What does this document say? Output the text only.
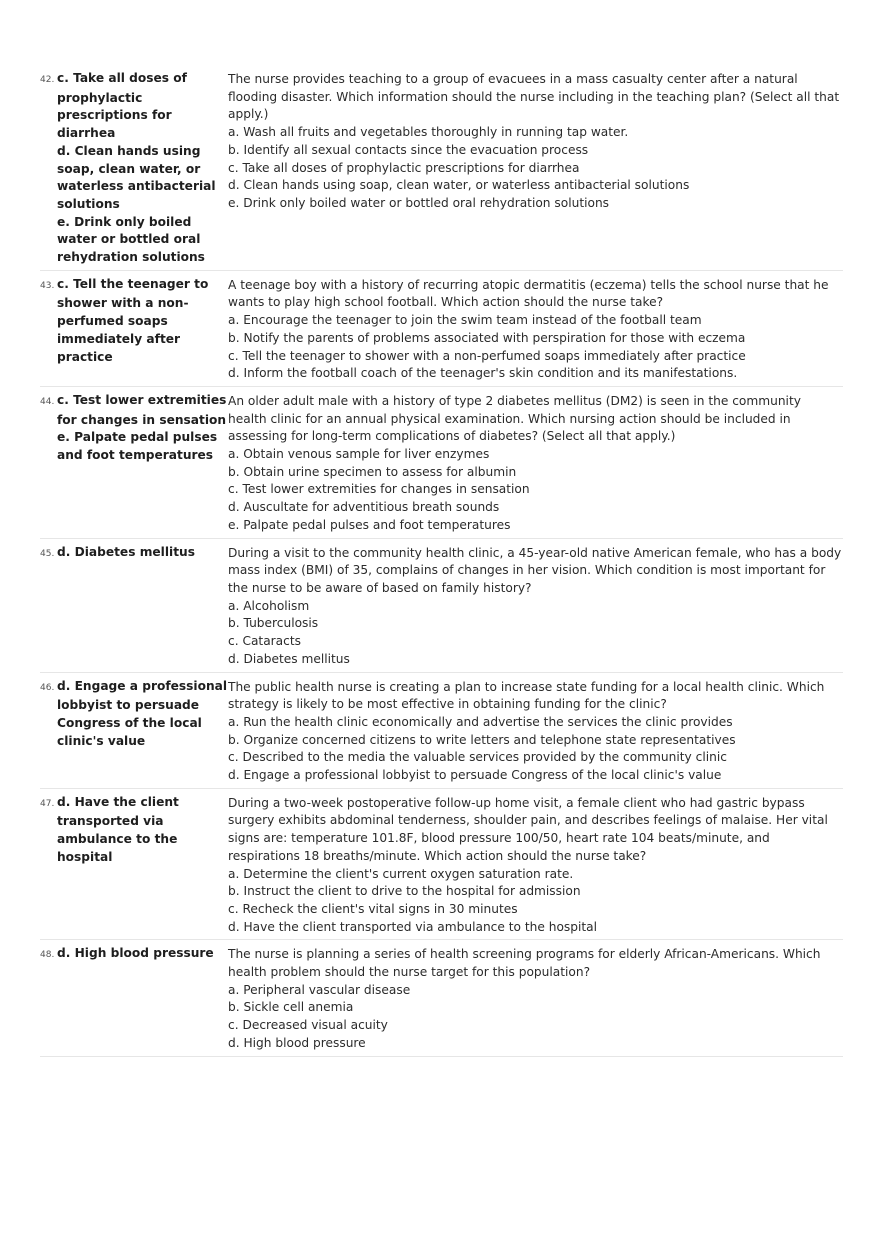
42. c. Take all doses of
prophylactic
prescriptions for diarrhea
d. Clean hands using
soap, clean water, or
waterless antibacterial
solutions
e. Drink only boiled
water or bottled oral
rehydration solutions
The nurse provides teaching to a group of evacuees in a mass casualty center after a natural flooding disaster. Which information should the nurse including in the teaching plan? (Select all that apply.)
a. Wash all fruits and vegetables thoroughly in running tap water.
b. Identify all sexual contacts since the evacuation process
c. Take all doses of prophylactic prescriptions for diarrhea
d. Clean hands using soap, clean water, or waterless antibacterial solutions
e. Drink only boiled water or bottled oral rehydration solutions
43. c. Tell the teenager to
shower with a non-
perfumed soaps
immediately after
practice
A teenage boy with a history of recurring atopic dermatitis (eczema) tells the school nurse that he wants to play high school football. Which action should the nurse take?
a. Encourage the teenager to join the swim team instead of the football team
b. Notify the parents of problems associated with perspiration for those with eczema
c. Tell the teenager to shower with a non-perfumed soaps immediately after practice
d. Inform the football coach of the teenager's skin condition and its manifestations.
44. c. Test lower extremities
for changes in sensation
e. Palpate pedal pulses
and foot temperatures
An older adult male with a history of type 2 diabetes mellitus (DM2) is seen in the community health clinic for an annual physical examination. Which nursing action should be included in assessing for long-term complications of diabetes? (Select all that apply.)
a. Obtain venous sample for liver enzymes
b. Obtain urine specimen to assess for albumin
c. Test lower extremities for changes in sensation
d. Auscultate for adventitious breath sounds
e. Palpate pedal pulses and foot temperatures
45. d. Diabetes mellitus	During a visit to the community health clinic, a 45-year-old native American female, who has a body mass index (BMI) of 35, complains of changes in her vision. Which condition is most important for the nurse to be aware of based on family history?
a. Alcoholism
b. Tuberculosis
c. Cataracts
d. Diabetes mellitus
46. d. Engage a professional
lobbyist to persuade
Congress of the local
clinic's value
The public health nurse is creating a plan to increase state funding for a local health clinic. Which strategy is likely to be most effective in obtaining funding for the clinic?
a. Run the health clinic economically and advertise the services the clinic provides
b. Organize concerned citizens to write letters and telephone state representatives
c. Described to the media the valuable services provided by the community clinic
d. Engage a professional lobbyist to persuade Congress of the local clinic's value
47. d. Have the client
transported via
ambulance to the
hospital
During a two-week postoperative follow-up home visit, a female client who had gastric bypass surgery exhibits abdominal tenderness, shoulder pain, and describes feelings of malaise. Her vital signs are: temperature 101.8F, blood pressure 100/50, heart rate 104 beats/minute, and respirations 18 breaths/minute. Which action should the nurse take?
a. Determine the client's current oxygen saturation rate.
b. Instruct the client to drive to the hospital for admission
c. Recheck the client's vital signs in 30 minutes
d. Have the client transported via ambulance to the hospital
48. d. High blood pressure	The nurse is planning a series of health screening programs for elderly African-Americans. Which health problem should the nurse target for this population?
a. Peripheral vascular disease
b. Sickle cell anemia
c. Decreased visual acuity
d. High blood pressure
